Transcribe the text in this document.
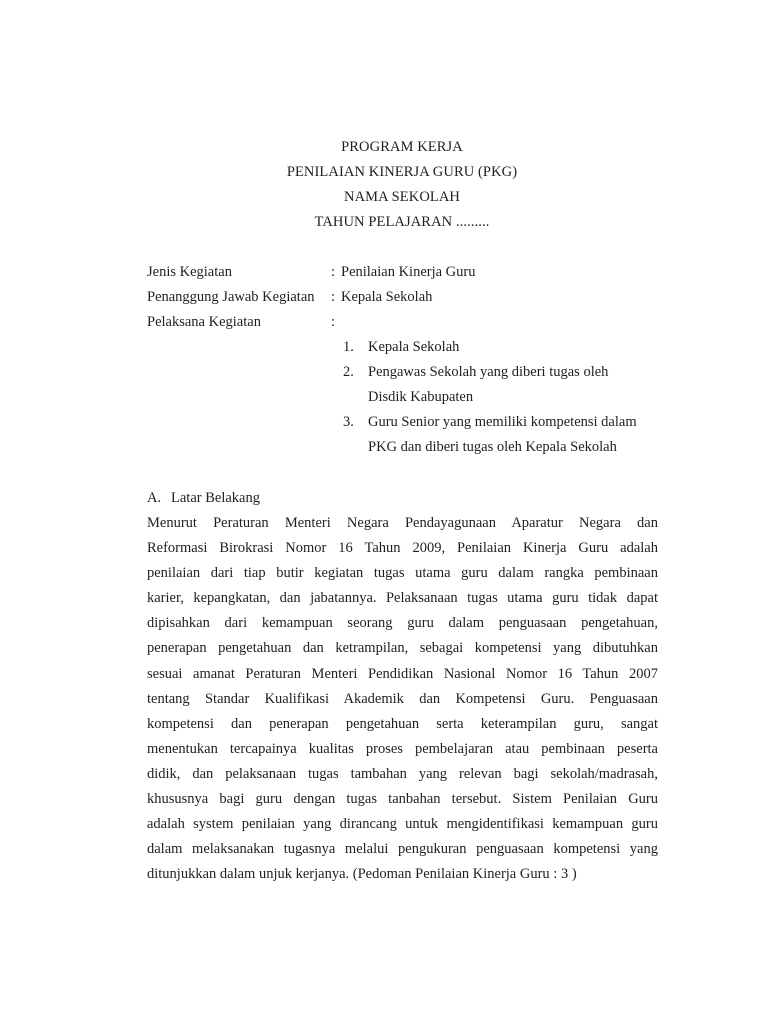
PROGRAM KERJA
PENILAIAN KINERJA GURU (PKG)
NAMA SEKOLAH
TAHUN PELAJARAN .........
Jenis Kegiatan	: Penilaian Kinerja Guru
Penanggung Jawab Kegiatan : Kepala Sekolah
Pelaksana Kegiatan	:
1. Kepala Sekolah
2. Pengawas Sekolah yang diberi tugas oleh
Disdik Kabupaten
3. Guru Senior yang memiliki kompetensi dalam
PKG dan diberi tugas oleh Kepala Sekolah
A. Latar Belakang
Menurut Peraturan Menteri Negara Pendayagunaan Aparatur Negara dan
Reformasi Birokrasi Nomor 16 Tahun 2009, Penilaian Kinerja Guru adalah
penilaian dari tiap butir kegiatan tugas utama guru dalam rangka pembinaan
karier, kepangkatan, dan jabatannya. Pelaksanaan tugas utama guru tidak dapat
dipisahkan dari kemampuan seorang guru dalam penguasaan pengetahuan,
penerapan pengetahuan dan ketrampilan, sebagai kompetensi yang dibutuhkan
sesuai amanat Peraturan Menteri Pendidikan Nasional Nomor 16 Tahun 2007
tentang Standar Kualifikasi Akademik dan Kompetensi Guru. Penguasaan
kompetensi dan penerapan pengetahuan serta keterampilan guru, sangat
menentukan tercapainya kualitas proses pembelajaran atau pembinaan peserta
didik, dan pelaksanaan tugas tambahan yang relevan bagi sekolah/madrasah,
khususnya bagi guru dengan tugas tanbahan tersebut. Sistem Penilaian Guru
adalah system penilaian yang dirancang untuk mengidentifikasi kemampuan guru
dalam melaksanakan tugasnya melalui pengukuran penguasaan kompetensi yang
ditunjukkan dalam unjuk kerjanya. (Pedoman Penilaian Kinerja Guru : 3 )
